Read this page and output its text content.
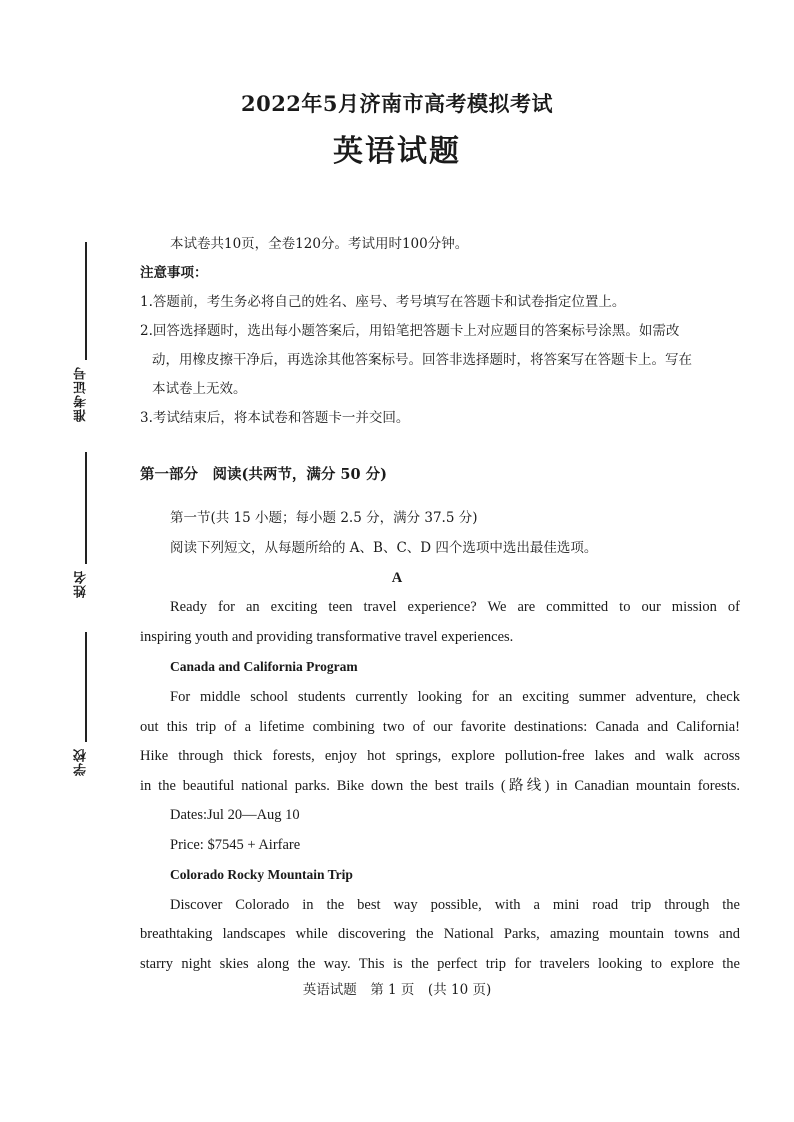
2022年5月济南市高考模拟考试
英语试题
准考证号
姓名
学校
本试卷共10页，全卷120分。考试用时100分钟。
注意事项：
1.答题前，考生务必将自己的姓名、座号、考号填写在答题卡和试卷指定位置上。
2.回答选择题时，选出每小题答案后，用铅笔把答题卡上对应题目的答案标号涂黑。如需改
动，用橡皮擦干净后，再选涂其他答案标号。回答非选择题时，将答案写在答题卡上。写在
本试卷上无效。
3.考试结束后，将本试卷和答题卡一并交回。
第一部分　阅读(共两节，满分 50 分)
第一节(共 15 小题；每小题 2.5 分，满分 37.5 分)
阅读下列短文，从每题所给的 A、B、C、D 四个选项中选出最佳选项。
A
Ready for an exciting teen travel experience? We are committed to our mission of
inspiring youth and providing transformative travel experiences.
Canada and California Program
For middle school students currently looking for an exciting summer adventure, check
out this trip of a lifetime combining two of our favorite destinations: Canada and California!
Hike through thick forests, enjoy hot springs, explore pollution-free lakes and walk across
in the beautiful national parks. Bike down the best trails (路线) in Canadian mountain forests.
Dates:Jul 20—Aug 10
Price: $7545 + Airfare
Colorado Rocky Mountain Trip
Discover Colorado in the best way possible, with a mini road trip through the
breathtaking landscapes while discovering the National Parks, amazing mountain towns and
starry night skies along the way. This is the perfect trip for travelers looking to explore the
英语试题　第 1 页　(共 10 页)
